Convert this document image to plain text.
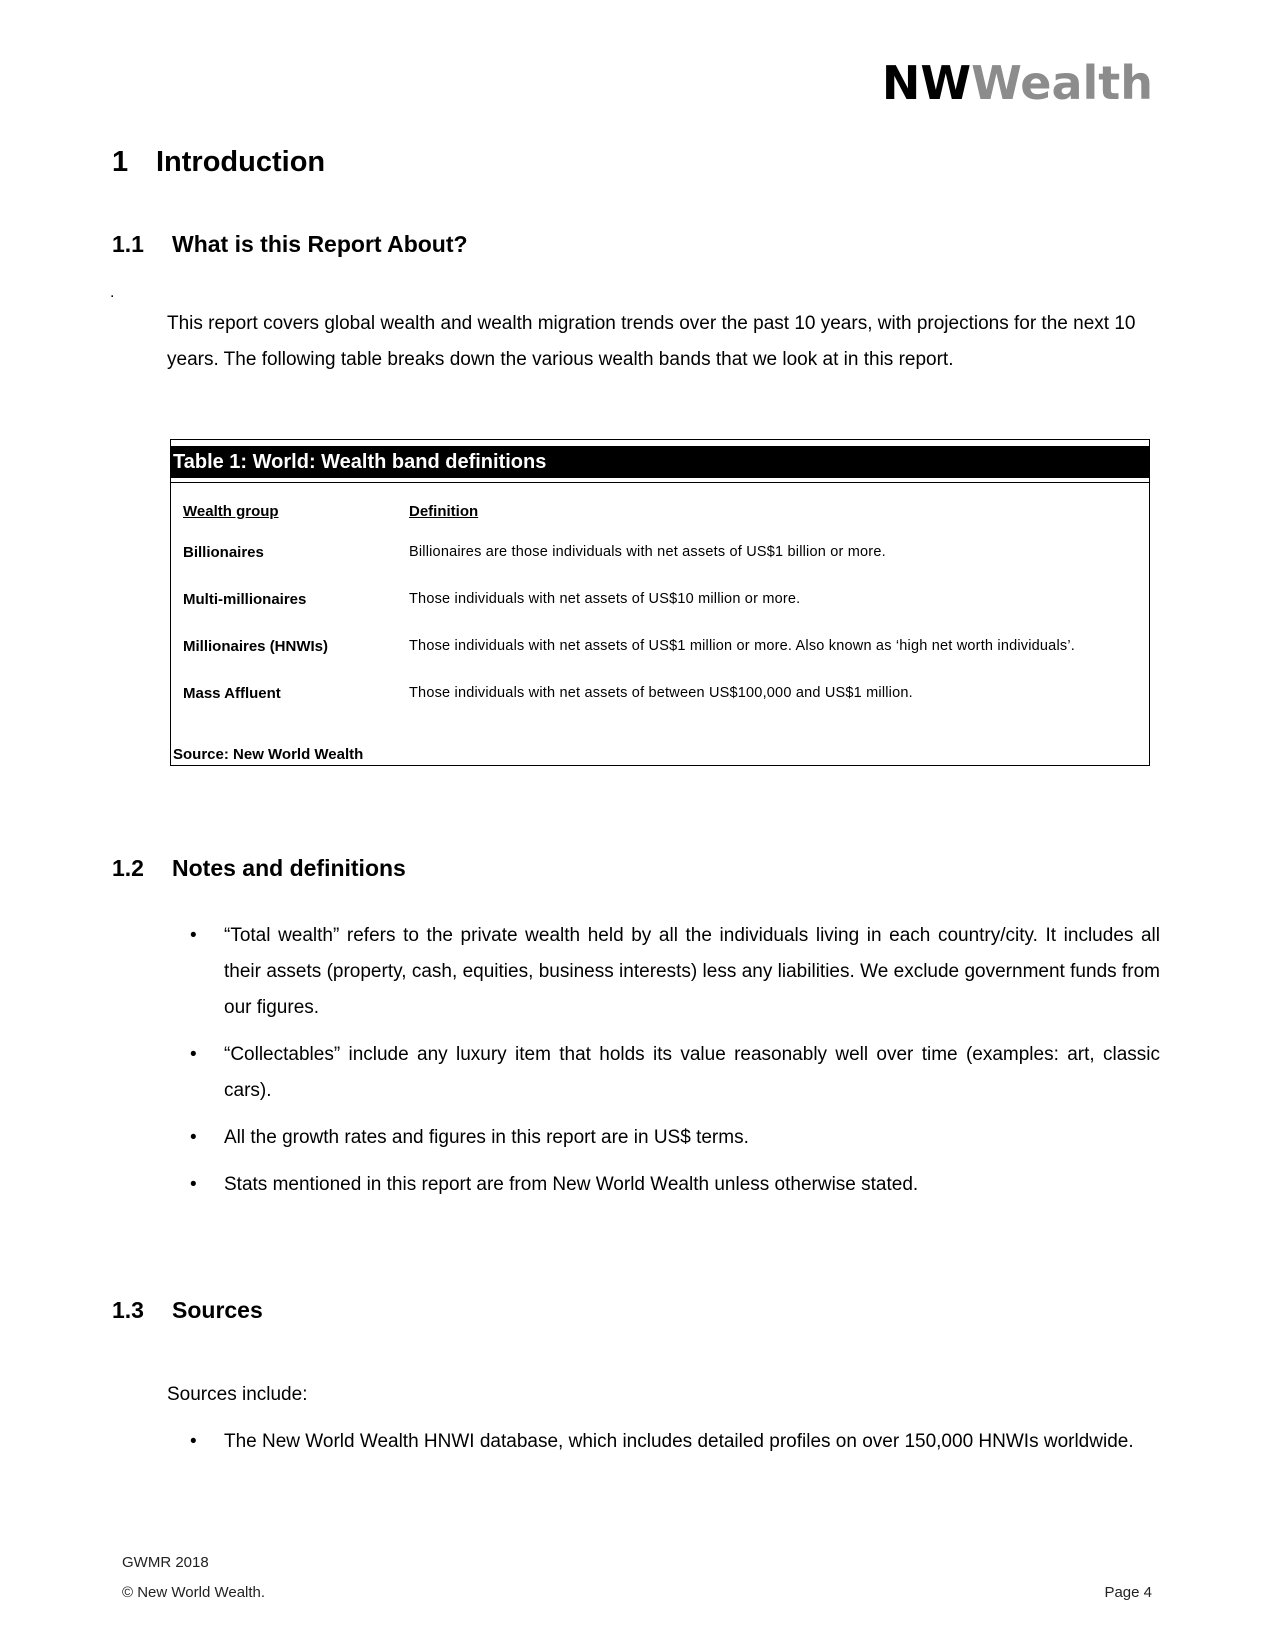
NWWealth
1 Introduction
1.1 What is this Report About?
.
This report covers global wealth and wealth migration trends over the past 10 years, with projections for the next 10 years. The following table breaks down the various wealth bands that we look at in this report.
Table 1: World: Wealth band definitions
Wealth group	Definition
Billionaires	Billionaires are those individuals with net assets of US$1 billion or more.
Multi-millionaires	Those individuals with net assets of US$10 million or more.
Millionaires (HNWIs)	Those individuals with net assets of US$1 million or more. Also known as ‘high net worth individuals’.
Mass Affluent	Those individuals with net assets of between US$100,000 and US$1 million.
Source: New World Wealth
1.2 Notes and definitions
• “Total wealth” refers to the private wealth held by all the individuals living in each country/city. It includes all their assets (property, cash, equities, business interests) less any liabilities. We exclude government funds from our figures.
• “Collectables” include any luxury item that holds its value reasonably well over time (examples: art, classic cars).
• All the growth rates and figures in this report are in US$ terms.
• Stats mentioned in this report are from New World Wealth unless otherwise stated.
1.3 Sources
Sources include:
• The New World Wealth HNWI database, which includes detailed profiles on over 150,000 HNWIs worldwide.
GWMR 2018
© New World Wealth.	Page 4
